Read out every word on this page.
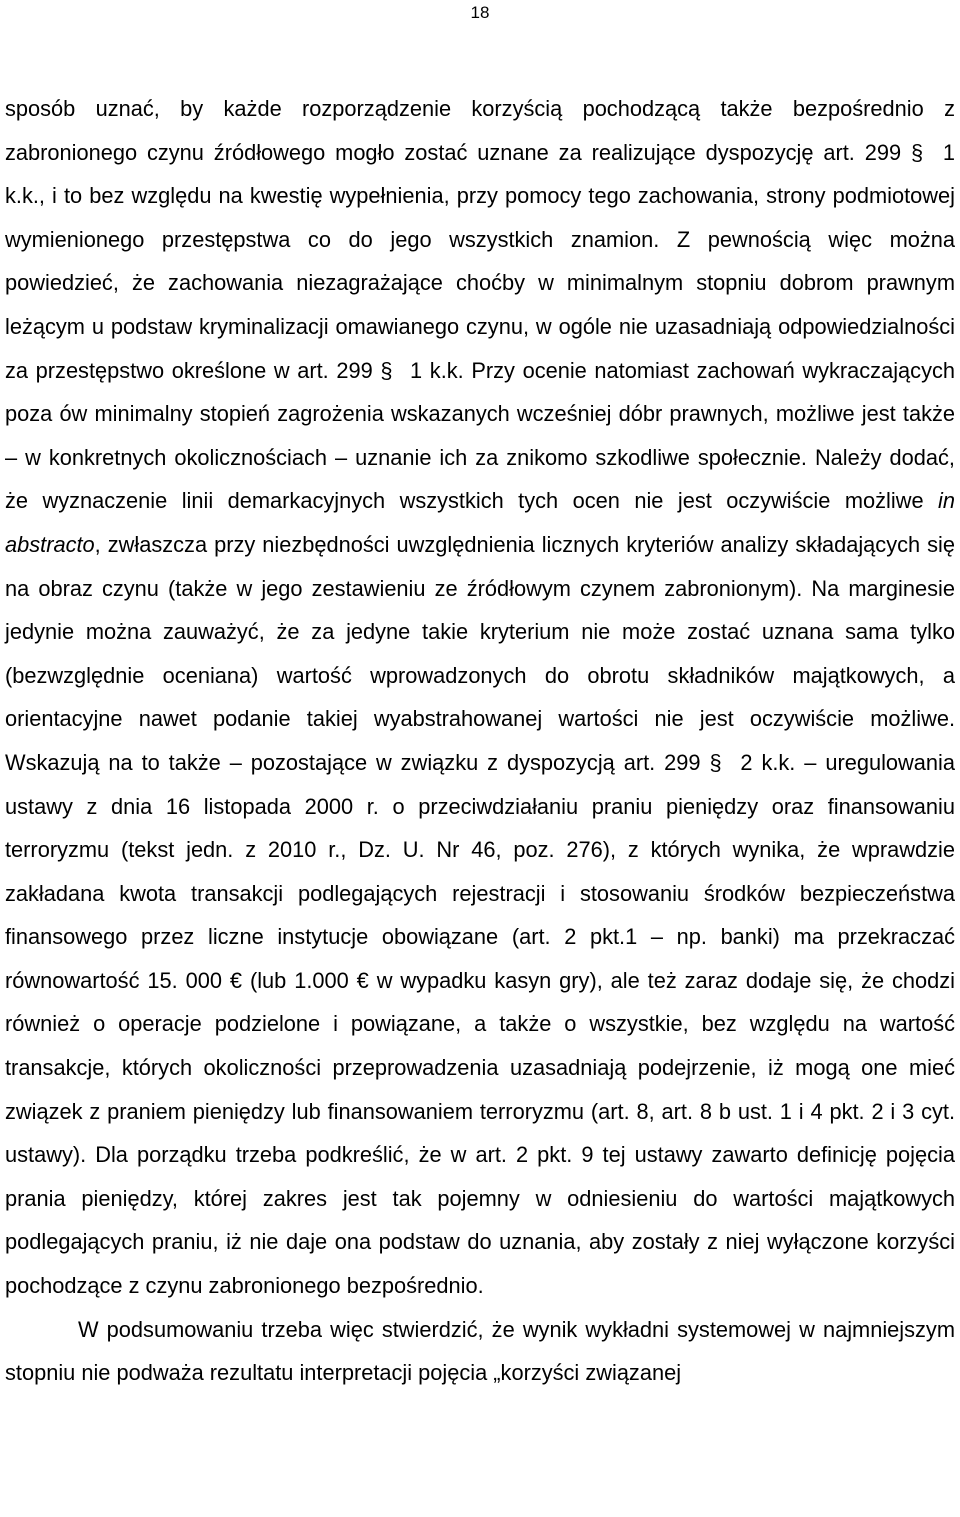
18

sposób uznać, by każde rozporządzenie korzyścią pochodzącą także bezpośrednio z zabronionego czynu źródłowego mogło zostać uznane za realizujące dyspozycję art. 299 § 1 k.k., i to bez względu na kwestię wypełnienia, przy pomocy tego zachowania, strony podmiotowej wymienionego przestępstwa co do jego wszystkich znamion. Z pewnością więc można powiedzieć, że zachowania niezagrażające choćby w minimalnym stopniu dobrom prawnym leżącym u podstaw kryminalizacji omawianego czynu, w ogóle nie uzasadniają odpowiedzialności za przestępstwo określone w art. 299 § 1 k.k. Przy ocenie natomiast zachowań wykraczających poza ów minimalny stopień zagrożenia wskazanych wcześniej dóbr prawnych, możliwe jest także – w konkretnych okolicznościach – uznanie ich za znikomo szkodliwe społecznie. Należy dodać, że wyznaczenie linii demarkacyjnych wszystkich tych ocen nie jest oczywiście możliwe in abstracto, zwłaszcza przy niezbędności uwzględnienia licznych kryteriów analizy składających się na obraz czynu (także w jego zestawieniu ze źródłowym czynem zabronionym). Na marginesie jedynie można zauważyć, że za jedyne takie kryterium nie może zostać uznana sama tylko (bezwzględnie oceniana) wartość wprowadzonych do obrotu składników majątkowych, a orientacyjne nawet podanie takiej wyabstrahowanej wartości nie jest oczywiście możliwe. Wskazują na to także – pozostające w związku z dyspozycją art. 299 § 2 k.k. – uregulowania ustawy z dnia 16 listopada 2000 r. o przeciwdziałaniu praniu pieniędzy oraz finansowaniu terroryzmu (tekst jedn. z 2010 r., Dz. U. Nr 46, poz. 276), z których wynika, że wprawdzie zakładana kwota transakcji podlegających rejestracji i stosowaniu środków bezpieczeństwa finansowego przez liczne instytucje obowiązane (art. 2 pkt.1 – np. banki) ma przekraczać równowartość 15. 000 € (lub 1.000 € w wypadku kasyn gry), ale też zaraz dodaje się, że chodzi również o operacje podzielone i powiązane, a także o wszystkie, bez względu na wartość transakcje, których okoliczności przeprowadzenia uzasadniają podejrzenie, iż mogą one mieć związek z praniem pieniędzy lub finansowaniem terroryzmu (art. 8, art. 8 b ust. 1 i 4 pkt. 2 i 3 cyt. ustawy). Dla porządku trzeba podkreślić, że w art. 2 pkt. 9 tej ustawy zawarto definicję pojęcia prania pieniędzy, której zakres jest tak pojemny w odniesieniu do wartości majątkowych podlegających praniu, iż nie daje ona podstaw do uznania, aby zostały z niej wyłączone korzyści pochodzące z czynu zabronionego bezpośrednio.

W podsumowaniu trzeba więc stwierdzić, że wynik wykładni systemowej w najmniejszym stopniu nie podważa rezultatu interpretacji pojęcia „korzyści związanej
